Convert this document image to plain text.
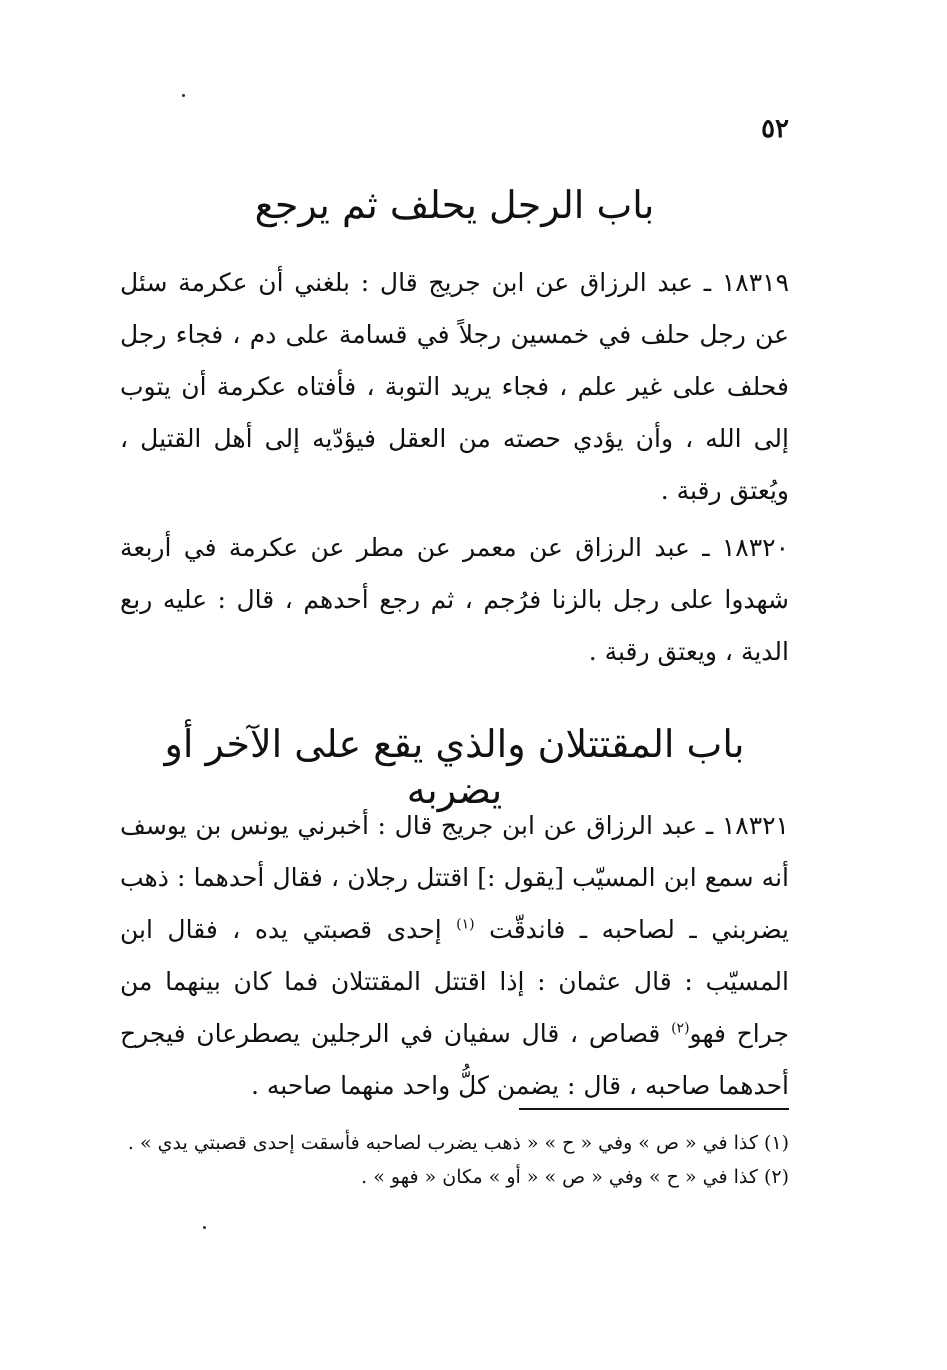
٥٢
باب الرجل يحلف ثم يرجع

١٨٣١٩ ـ عبد الرزاق عن ابن جريج قال : بلغني أن عكرمة سئل عن رجل حلف في خمسين رجلاً في قسامة على دم ، فجاء رجل فحلف على غير علم ، فجاء يريد التوبة ، فأفتاه عكرمة أن يتوب إلى الله ، وأن يؤدي حصته من العقل فيؤدّيه إلى أهل القتيل ، ويُعتق رقبة .

١٨٣٢٠ ـ عبد الرزاق عن معمر عن مطر عن عكرمة في أربعة شهدوا على رجل بالزنا فرُجم ، ثم رجع أحدهم ، قال : عليه ربع الدية ، ويعتق رقبة .

باب المقتتلان والذي يقع على الآخر أو يضربه

١٨٣٢١ ـ عبد الرزاق عن ابن جريج قال : أخبرني يونس بن يوسف أنه سمع ابن المسيّب [يقول :] اقتتل رجلان ، فقال أحدهما : ذهب يضربني ـ لصاحبه ـ فاندقّت $^{(١)}$ إحدى قصبتي يده ، فقال ابن المسيّب : قال عثمان : إذا اقتتل المقتتلان فما كان بينهما من جراح فهو$^{(٢)}$ قصاص ، قال سفيان في الرجلين يصطرعان فيجرح أحدهما صاحبه ، قال : يضمن كلُّ واحد منهما صاحبه .

(١) كذا في « ص » وفي « ح » « ذهب يضرب لصاحبه فأسقت إحدى قصبتي يدي » .

(٢) كذا في « ح » وفي « ص » « أو » مكان « فهو » .
